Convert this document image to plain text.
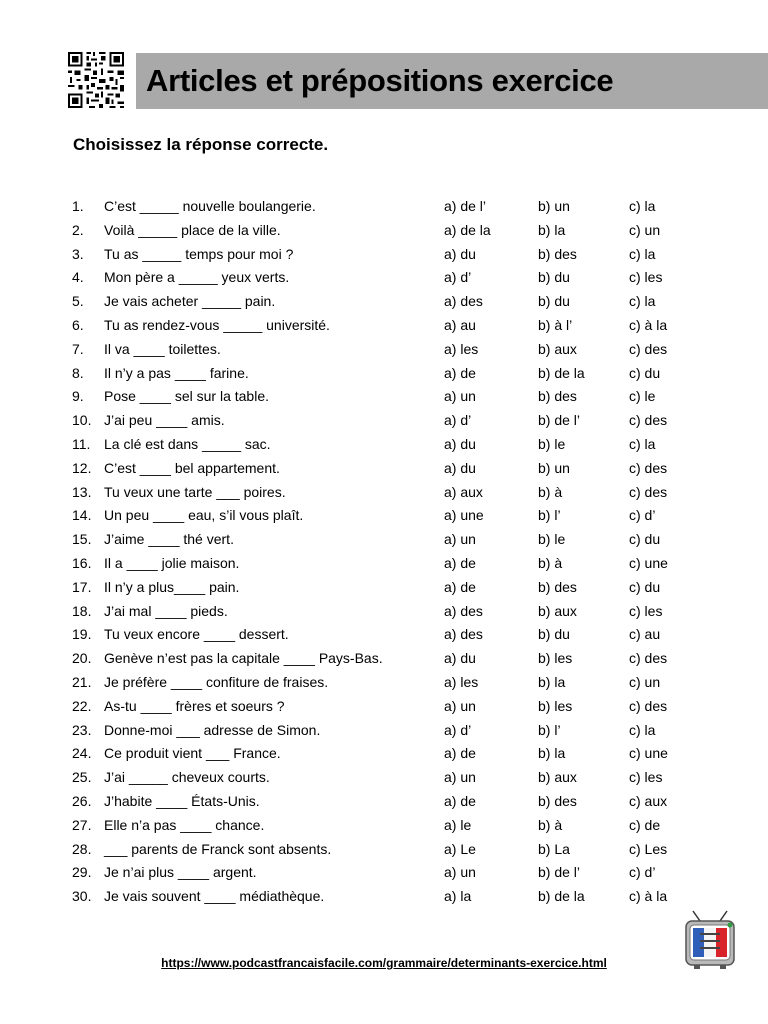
Articles et prépositions exercice
Choisissez la réponse correcte.
1. C’est _____ nouvelle boulangerie.	a) de l’	b) un	c) la
2. Voilà _____ place de la ville.	a) de la	b) la	c) un
3. Tu as _____ temps pour moi ?	a) du	b) des	c) la
4. Mon père a _____ yeux verts.	a) d’	b) du	c) les
5. Je vais acheter _____ pain.	a) des	b) du	c) la
6. Tu as rendez-vous _____ université.	a) au	b) à l’	c) à la
7. Il va ____ toilettes.	a) les	b) aux	c) des
8. Il n’y a pas ____ farine.	a) de	b) de la	c) du
9. Pose ____ sel sur la table.	a) un	b) des	c) le
10. J’ai peu ____ amis.	a) d’	b) de l’	c) des
11. La clé est dans _____ sac.	a) du	b) le	c) la
12. C’est ____ bel appartement.	a) du	b) un	c) des
13. Tu veux une tarte ___ poires.	a) aux	b) à	c) des
14. Un peu ____ eau, s’il vous plaît.	a) une	b) l’	c) d’
15. J’aime ____ thé vert.	a) un	b) le	c) du
16. Il a ____ jolie maison.	a) de	b) à	c) une
17. Il n’y a plus____ pain.	a) de	b) des	c) du
18. J’ai mal ____ pieds.	a) des	b) aux	c) les
19. Tu veux encore ____ dessert.	a) des	b) du	c) au
20. Genève n’est pas la capitale ____ Pays-Bas.	a) du	b) les	c) des
21. Je préfère ____ confiture de fraises.	a) les	b) la	c) un
22. As-tu ____ frères et soeurs ?	a) un	b) les	c) des
23. Donne-moi ___ adresse de Simon.	a) d’	b) l’	c) la
24. Ce produit vient ___ France.	a) de	b) la	c) une
25. J’ai _____ cheveux courts.	a) un	b) aux	c) les
26. J’habite ____ États-Unis.	a) de	b) des	c) aux
27. Elle n’a pas ____ chance.	a) le	b) à	c) de
28. ___ parents de Franck sont absents.	a) Le	b) La	c) Les
29. Je n’ai plus ____ argent.	a) un	b) de l’	c) d’
30. Je vais souvent ____ médiathèque.	a) la	b) de la	c) à la
https://www.podcastfrancaisfacile.com/grammaire/determinants-exercice.html
